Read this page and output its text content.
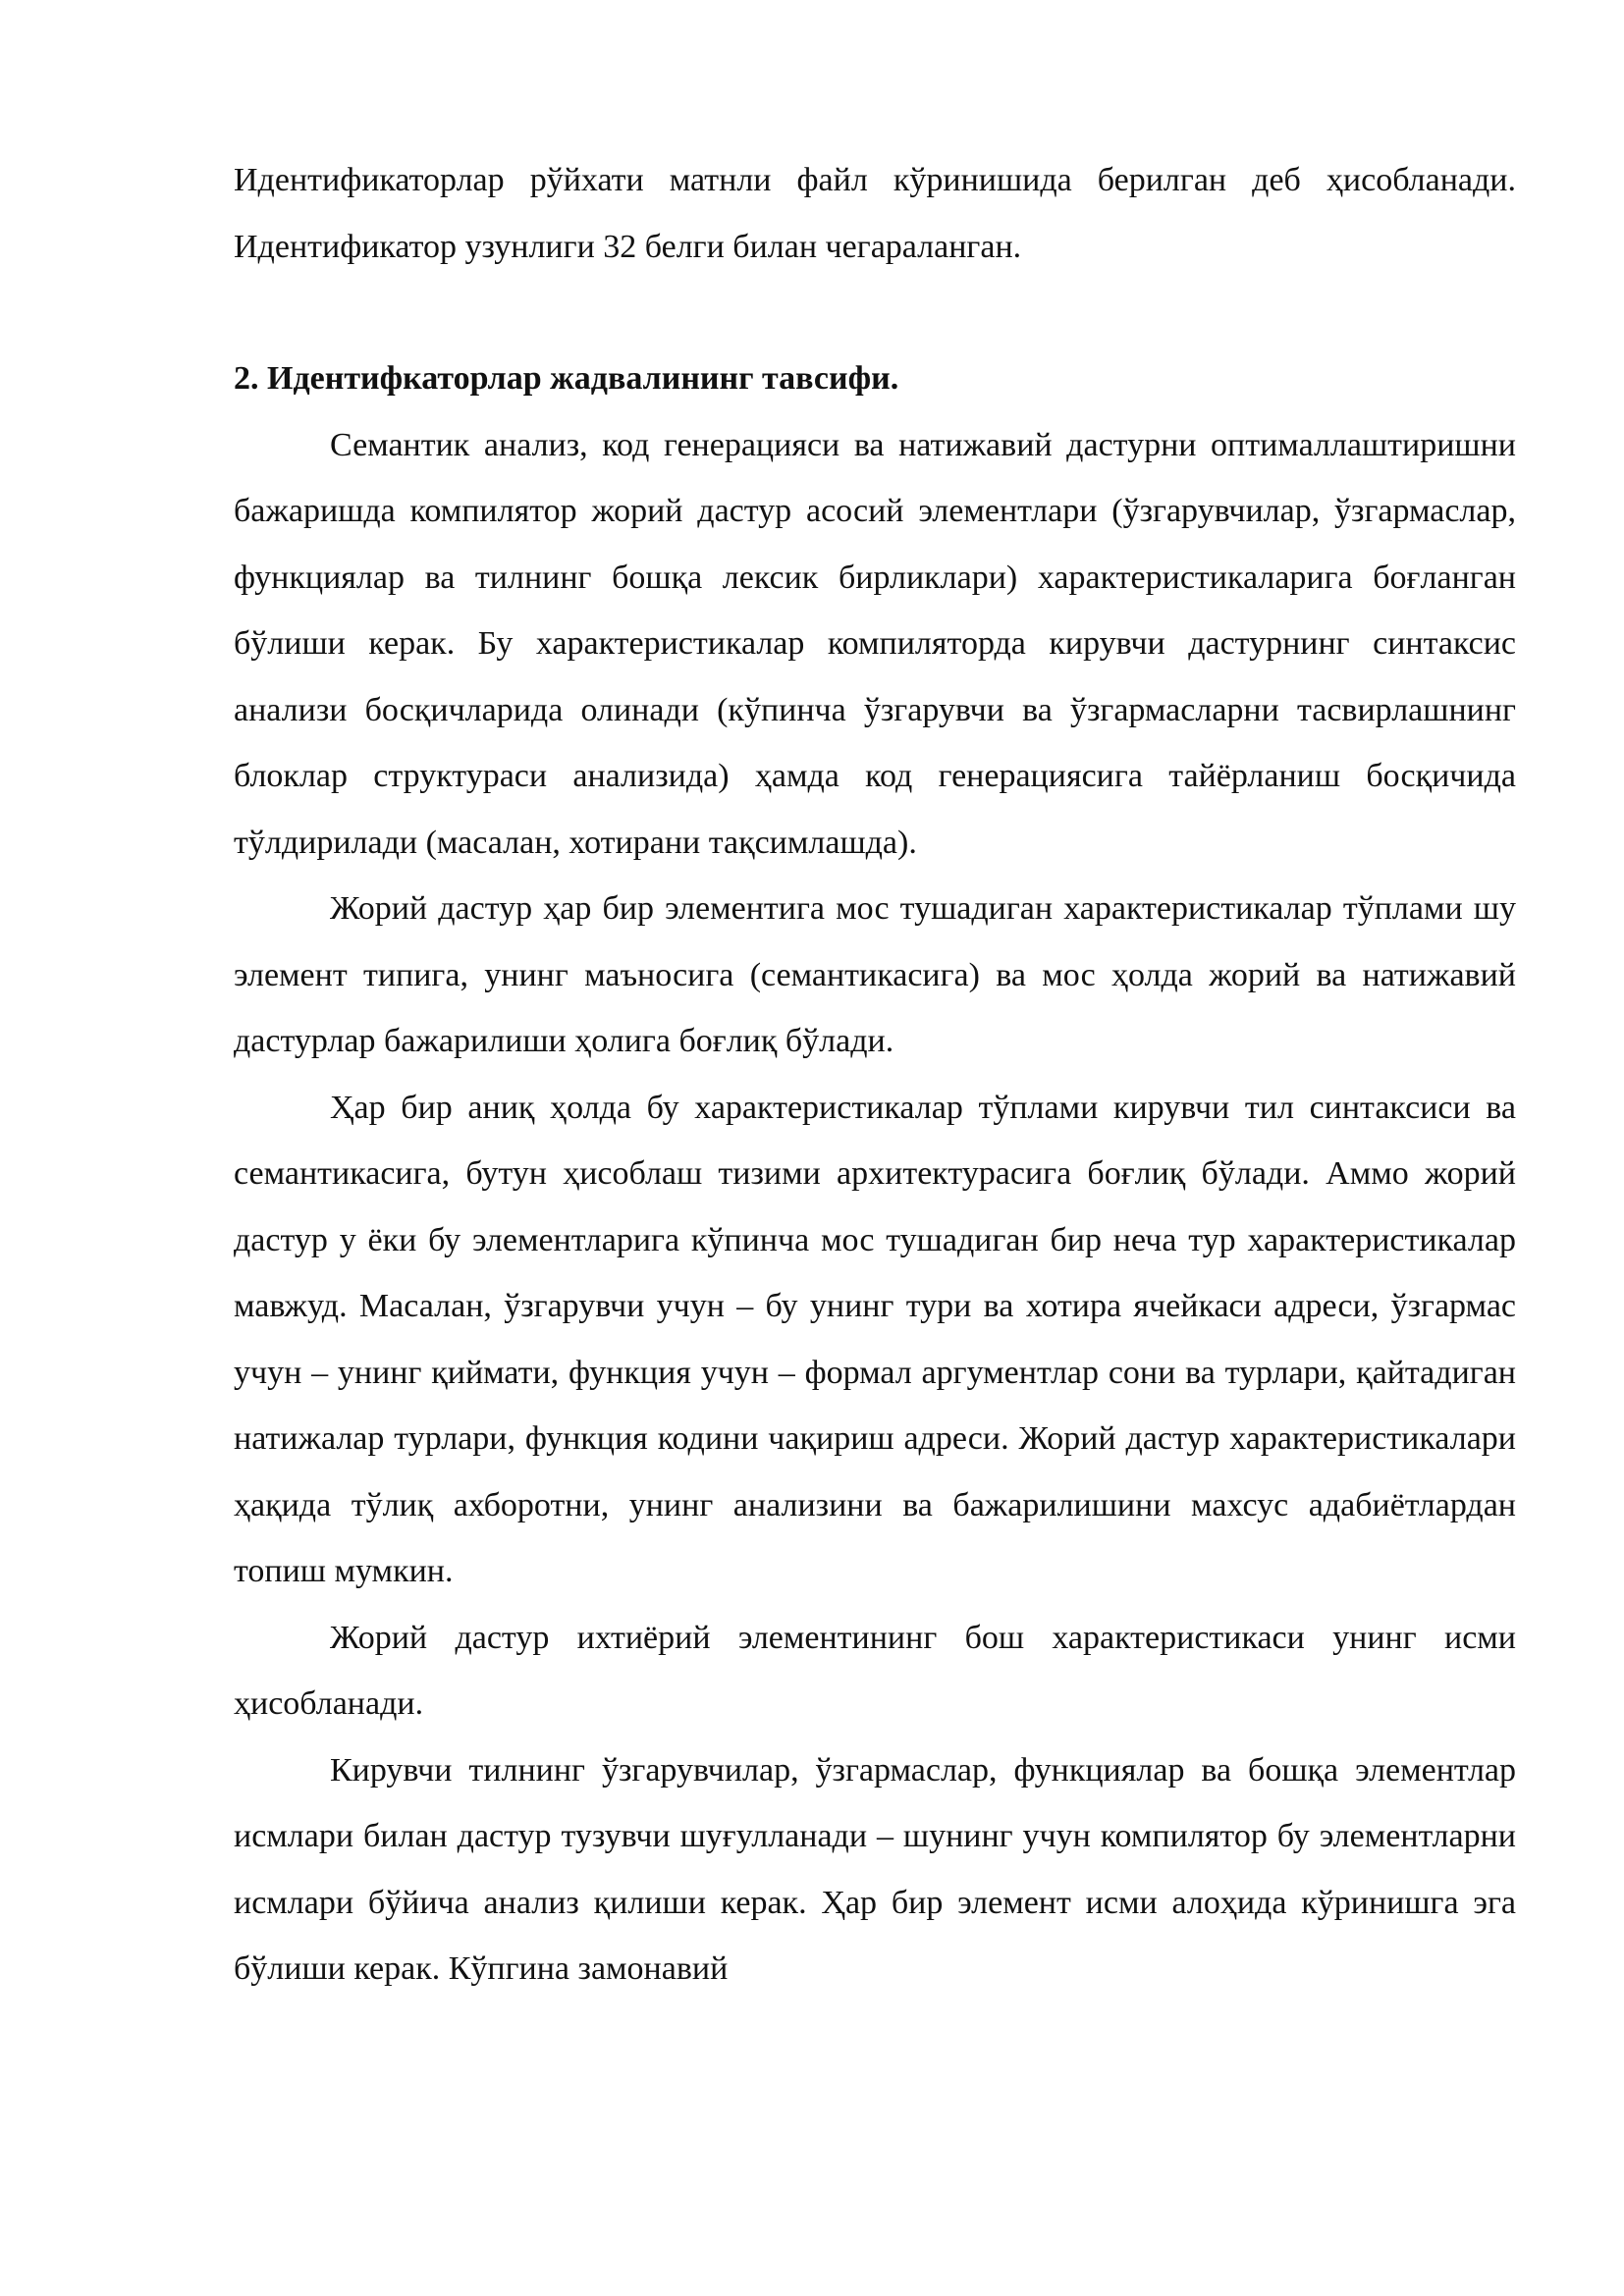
Идентификаторлар рўйхати матнли файл кўринишида берилган деб ҳисобланади. Идентификатор узунлиги 32 белги билан чегараланган.

2. Идентифкаторлар жадвалининг тавсифи.

Семантик анализ, код генерацияси ва натижавий дастурни оптималлаштиришни бажаришда компилятор жорий дастур асосий элементлари (ўзгарувчилар, ўзгармаслар, функциялар ва тилнинг бошқа лексик бирликлари) характеристикаларига боғланган бўлиши керак. Бу характеристикалар компиляторда кирувчи дастурнинг синтаксис анализи босқичларида олинади (кўпинча ўзгарувчи ва ўзгармасларни тасвирлашнинг блоклар структураси анализида) ҳамда код генерациясига тайёрланиш босқичида тўлдирилади (масалан, хотирани тақсимлашда).

Жорий дастур ҳар бир элементига мос тушадиган характеристикалар тўплами шу элемент типига, унинг маъносига (семантикасига) ва мос ҳолда жорий ва натижавий дастурлар бажарилиши ҳолига боғлиқ бўлади.

Ҳар бир аниқ ҳолда бу характеристикалар тўплами кирувчи тил синтаксиси ва семантикасига, бутун ҳисоблаш тизими архитектурасига боғлиқ бўлади. Аммо жорий дастур у ёки бу элементларига кўпинча мос тушадиган бир неча тур характеристикалар мавжуд. Масалан, ўзгарувчи учун – бу унинг тури ва хотира ячейкаси адреси, ўзгармас учун – унинг қиймати, функция учун – формал аргументлар сони ва турлари, қайтадиган натижалар турлари, функция кодини чақириш адреси. Жорий дастур характеристикалари ҳақида тўлиқ ахборотни, унинг анализини ва бажарилишини махсус адабиётлардан топиш мумкин.

Жорий дастур ихтиёрий элементининг бош характеристикаси унинг исми ҳисобланади.

Кирувчи тилнинг ўзгарувчилар, ўзгармаслар, функциялар ва бошқа элементлар исмлари билан дастур тузувчи шуғулланади – шунинг учун компилятор бу элементларни исмлари бўйича анализ қилиши керак. Ҳар бир элемент исми алоҳида кўринишга эга бўлиши керак. Кўпгина замонавий
